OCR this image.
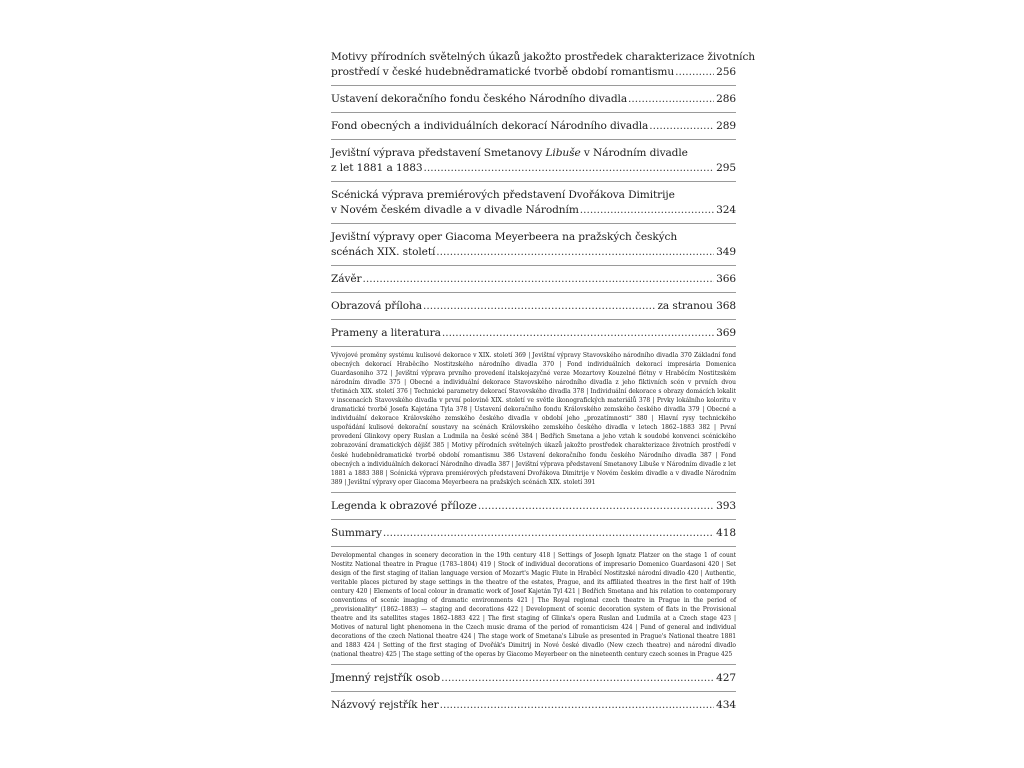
Motivy přírodních světelných úkazů jakožto prostředek charakterizace životních
prostředí v české hudebnědramatické tvorbě období romantismu .....	256
Ustavení dekoračního fondu českého Národního divadla .....	286
Fond obecných a individuálních dekorací Národního divadla .....	289
Jevištní výprava představení Smetanovy Libuše v Národním divadle
z let 1881 a 1883 .....	295
Scénická výprava premiérových představení Dvořákova Dimitrije
v Novém českém divadle a v divadle Národním .....	324
Jevištní výpravy oper Giacoma Meyerbeera na pražských českých
scénách XIX. století .....	349
Závěr .....	366
Obrazová příloha .....	za stranou 368
Prameny a literatura .....	369

Vývojové proměny systému kulisové dekorace v XIX. století 369 | Jevištní výpravy Stavovského národního divadla 370 Základní fond obecných dekorací Hraběcího Nostitzského národního divadla 370 | Fond individuálních dekorací impresária Domenica Guardasoniho 372 | Jevištní výprava prvního provedení italskojazyčné verze Mozartovy Kouzelné flétny v Hraběcím Nostitzském národním divadle 375 | Obecné a individuální dekorace Stavovského národního divadla z jeho fiktivních scén v prvních dvou třetinách XIX. století 376 | Technické parametry dekorací Stavovského divadla 378 | Individuální dekorace s obrazy domácích lokalit v inscenacích Stavovského divadla v první polovině XIX. století ve světle ikonografických materiálů 378 | Prvky lokálního koloritu v dramatické tvorbě Josefa Kajetána Tyla 378 | Ustavení dekoračního fondu Královského zemského českého divadla 379 | Obecné a individuální dekorace Královského zemského českého divadla v období jeho „prozatímnosti“ 380 | Hlavní rysy technického uspořádání kulisové dekorační soustavy na scénách Královského zemského českého divadla v letech 1862–1883 382 | První provedení Glinkovy opery Ruslan a Ludmila na české scéně 384 | Bedřich Smetana a jeho vztah k soudobé konvenci scénického zobrazování dramatických dějišť 385 | Motivy přírodních světelných úkazů jakožto prostředek charakterizace životních prostředí v české hudebnědramatické tvorbě období romantismu 386 Ustavení dekoračního fondu českého Národního divadla 387 | Fond obecných a individuálních dekorací Národního divadla 387 | Jevištní výprava představení Smetanovy Libuše v Národním divadle z let 1881 a 1883 388 | Scénická výprava premiérových představení Dvořákova Dimitrije v Novém českém divadle a v divadle Národním 389 | Jevištní výpravy oper Giacoma Meyerbeera na pražských scénách XIX. století 391

Legenda k obrazové příloze .....	393
Summary .....	418

Developmental changes in scenery decoration in the 19th century 418 | Settings of Joseph Ignatz Platzer on the stage 1 of count Nostitz National theatre in Prague (1783–1804) 419 | Stock of individual decorations of impresario Domenico Guardasoni 420 | Set design of the first staging of italian language version of Mozart's Magic Flute in Hraběcí Nostitzské národní divadlo 420 | Authentic, veritable places pictured by stage settings in the theatre of the estates, Prague, and its affiliated theatres in the first half of 19th century 420 | Elements of local colour in dramatic work of Josef Kajetán Tyl 421 | Bedřich Smetana and his relation to contemporary conventions of scenic imaging of dramatic environments 421 | The Royal regional czech theatre in Prague in the period of „provisionality“ (1862–1883) — staging and decorations 422 | Development of scenic decoration system of flats in the Provisional theatre and its satellites stages 1862–1883 422 | The first staging of Glinka's opera Ruslan and Ludmila at a Czech stage 423 | Motives of natural light phenomena in the Czech music drama of the period of romanticism 424 | Fund of general and individual decorations of the czech National theatre 424 | The stage work of Smetana's Libuše as presented in Prague's National theatre 1881 and 1883 424 | Setting of the first staging of Dvořák's Dimitrij in Nové české divadlo (New czech theatre) and národní divadlo (national theatre) 425 | The stage setting of the operas by Giacomo Meyerbeer on the nineteenth century czech scenes in Prague 425

Jmenný rejstřík osob .....	427
Názvový rejstřík her .....	434
